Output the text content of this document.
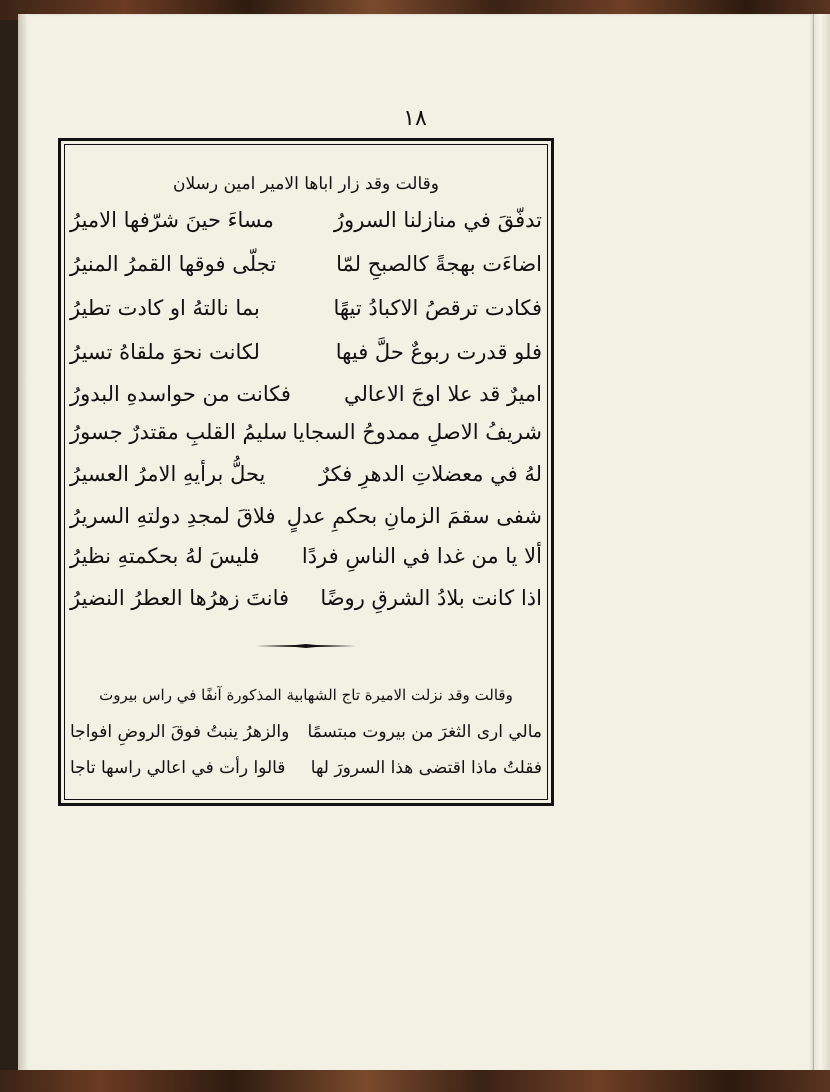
١٨
وقالت وقد زار اباها الامير امين رسلان
تدفّقَ في منازلنا السرورُ
مساءَ حينَ شرّفها الاميرُ
اضاءَت بهجةً كالصبحِ لمّا
تجلّى فوقها القمرُ المنيرُ
فكادت ترقصُ الاكبادُ تيهًا
بما نالتهُ او كادت تطيرُ
فلو قدرت ربوعٌ حلَّ فيها
لكانت نحوَ ملقاهُ تسيرُ
اميرٌ قد علا اوجَ الاعالي
فكانت من حواسدهِ البدورُ
شريفُ الاصلِ ممدوحُ السجايا
سليمُ القلبِ مقتدرٌ جسورُ
لهُ في معضلاتِ الدهرِ فكرٌ
يحلُّ برأيهِ الامرُ العسيرُ
شفى سقمَ الزمانِ بحكمِ عدلٍ
فلاقَ لمجدِ دولتهِ السريرُ
ألا يا من غدا في الناسِ فردًا
فليسَ لهُ بحكمتهِ نظيرُ
اذا كانت بلادُ الشرقِ روضًا
فانتَ زهرُها العطرُ النضيرُ
وقالت وقد نزلت الاميرة تاج الشهابية المذكورة آنفًا في راس بيروت
مالي ارى الثغرَ من بيروت مبتسمًا
والزهرُ ينبتُ فوقَ الروضِ افواجا
فقلتُ ماذا اقتضى هذا السرورَ لها
قالوا رأت في اعالي راسها تاجا
